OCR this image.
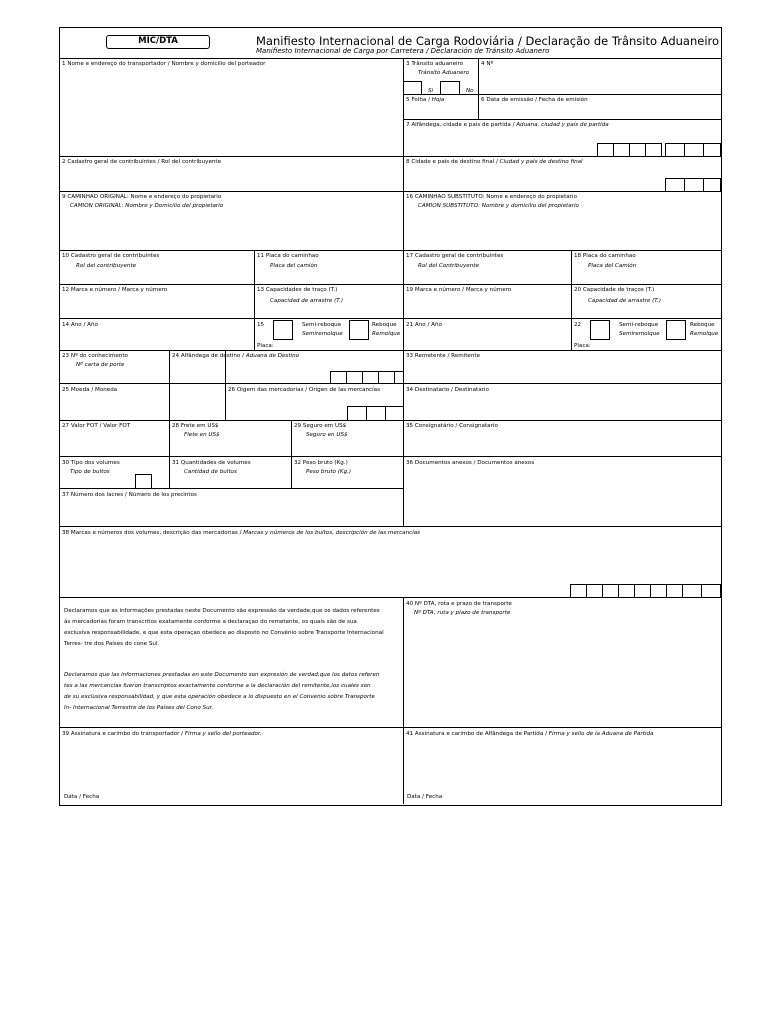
MIC/DTA	Manifiesto Internacional de Carga Rodoviária / Declaração de Trânsito Aduaneiro
Manifiesto Internacional de Carga por Carretera / Declaración de Tránsito Aduanero
1 Nome e endereço do transportador / Nombre y domicilio del porteador	3 Trânsito aduaneiro
Tránsito Aduanero
Si	No
4 Nº
5 Folha / Hoja	6 Data de emissão / Fecha de emisión
7 Alfândega, cidade e pais de partida / Aduana, ciudad y país de partida
2 Cadastro geral de contribuintes / Rol del contribuyente	8 Cidade e pais de destino final / Ciudad y país de destino final
9 CAMINHAO ORIGINAL: Nome e endereço do propietario
CAMION ORIGINAL: Nombre y Domicilio del propietario
16 CAMINHAO SUBSTITUTO: Nome e endereço do propietario
CAMION SUBSTITUTO: Nombre y domicilio del propietario
10 Cadastro geral de contribuintes
Rol del contribuyente
11 Placa do caminhao
Placa del camión
17 Cadastro geral de contribuintes
Rol del Contribuyente
18 Placa do caminhao
Placa del Camión
12 Marca e número / Marca y número	13 Capacidades de traço (T.)
Capacidad de arrastre (T.)
19 Marca e número / Marca y número	20 Capacidade de traços (T.)
Capacidad de arrastre (T.)
14 Ano / Año	15	Semi-reboque
Semiremolque
Reboque
Remolque
Placa:
21 Ano / Año	22	Semi-reboque
Semiremolque
Reboque
Remolque
Placa:
23 Nº do conhecimento
Nº carta de porte
24 Alfândega de destino / Aduana de Destino	33 Remetente / Remitente
25 Moeda / Moneda	26 Oigem das mercadorias / Origen de las mercancías	34 Destinatario / Destinatario
27 Valor FOT / Valor FOT	28 Frete em US$
Flete en US$
29 Seguro em US$
Seguro en US$
35 Consignatário / Consignatario
30 Tipo dos volumes
Tipo de bultos
31 Quantidades de volumes
Cantidad de bultos
32 Peso bruto (Kg.)
Peso bruto (Kg.)
36 Documentos anexos / Documentos anexos
37 Número dos lacres / Número de los precintos
38 Marcas e números dos volumes, descrição das mercadorias / Marcas y números de los bultos, descripción de las mercancías
40 Nº DTA, rota e prazo de transporte
Nº DTA, ruta y plazo de transporte
Declaramos que as informações prestadas neste Documento são expressão da verdade,que os dados referentes
ás mercadorias foram transcritos exatamente conforme a declaraçao do remetente, os quais são de sua
exclusiva responsabilidade, e que esta operaçao obedece ao disposto no Convênio sobre Transporte Internacional
Terres- tre dos Países do cone Sul.
Declaramos que las informaciones prestadas en este Documento son expresión de verdad,que los datos referen
tes a las mercancías fueron transcriptos exactamente conforme a la declaración del remitente,los cuales son
de su exclusiva responsabilidad, y que esta operación obedece a lo dispuesto en el Convenio sobre Transporte
In- Internacional Terrestre de los Países del Cono Sur.
39 Assinatura e carimbo do transportador / Firma y sello del porteador.	41 Assinatura e carimbo de Alfândega de Partida / Firma y sello de la Aduana de Partida
Data / Fecha	Data / Fecha
